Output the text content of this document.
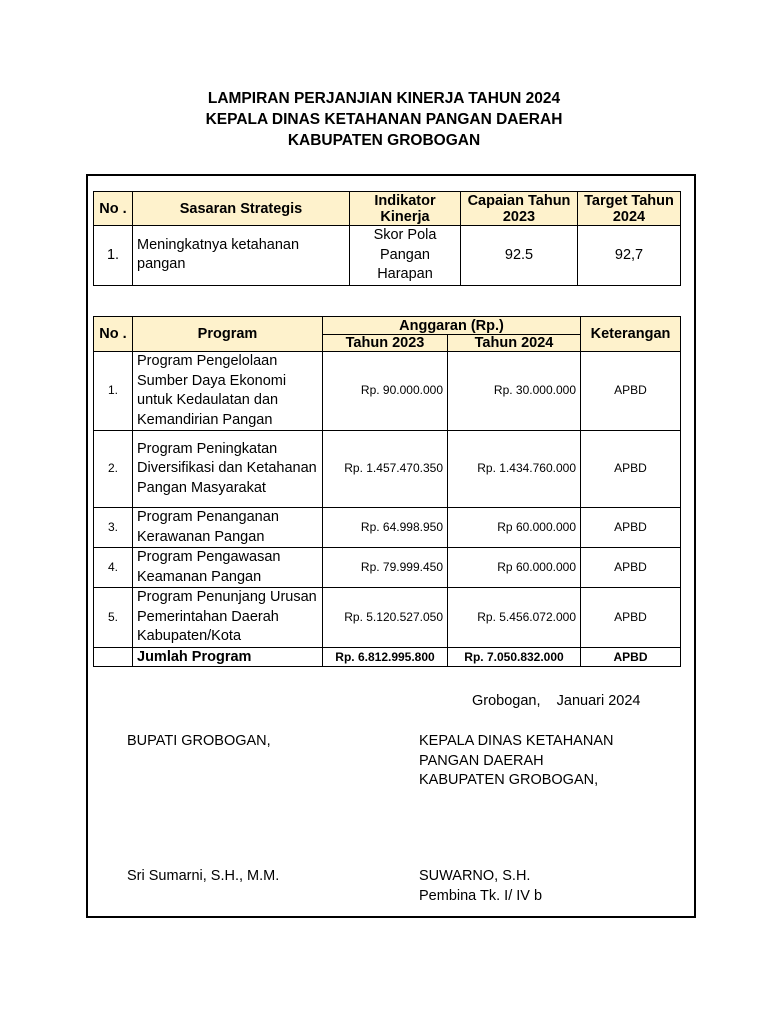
LAMPIRAN PERJANJIAN KINERJA TAHUN 2024
KEPALA DINAS KETAHANAN PANGAN DAERAH
KABUPATEN GROBOGAN
No .	Sasaran Strategis	Indikator Kinerja	Capaian Tahun 2023	Target Tahun 2024
1.	Meningkatnya ketahanan pangan	Skor Pola Pangan Harapan	92.5	92,7
No .	Program	Anggaran (Rp.)		Keterangan
		Tahun 2023	Tahun 2024	
1.	Program Pengelolaan Sumber Daya Ekonomi untuk Kedaulatan dan Kemandirian Pangan	Rp. 90.000.000	Rp. 30.000.000	APBD
2.	Program Peningkatan Diversifikasi dan Ketahanan Pangan Masyarakat	Rp. 1.457.470.350	Rp. 1.434.760.000	APBD
3.	Program Penanganan Kerawanan Pangan	Rp. 64.998.950	Rp 60.000.000	APBD
4.	Program Pengawasan Keamanan Pangan	Rp. 79.999.450	Rp 60.000.000	APBD
5.	Program Penunjang Urusan Pemerintahan Daerah Kabupaten/Kota	Rp. 5.120.527.050	Rp. 5.456.072.000	APBD
	Jumlah Program	Rp. 6.812.995.800	Rp. 7.050.832.000	APBD
Grobogan,    Januari 2024
BUPATI GROBOGAN,	KEPALA DINAS KETAHANAN
PANGAN DAERAH
KABUPATEN GROBOGAN,
Sri Sumarni, S.H., M.M.	SUWARNO, S.H.
Pembina Tk. I/ IV b
